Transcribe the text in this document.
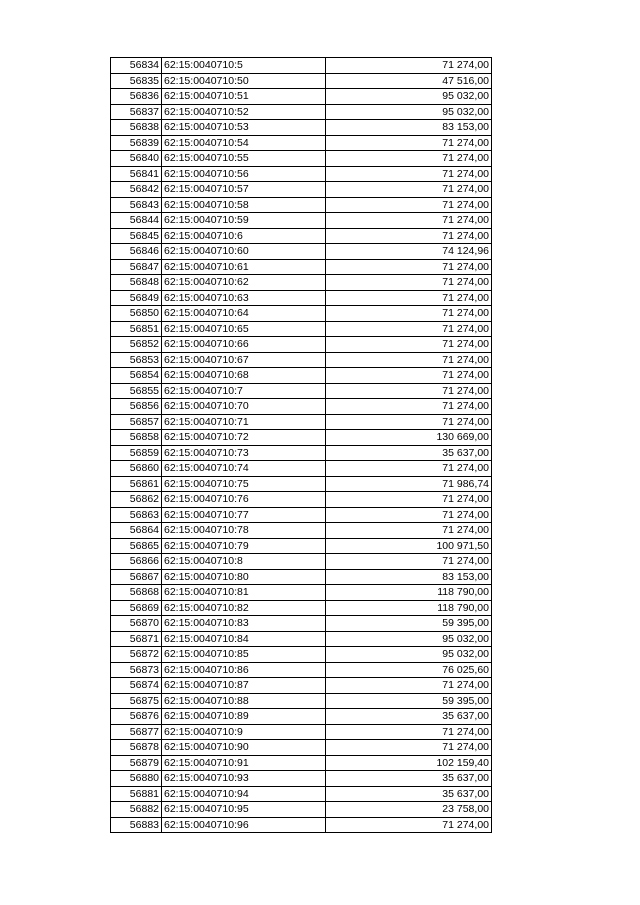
56834	62:15:0040710:5	71 274,00
56835	62:15:0040710:50	47 516,00
56836	62:15:0040710:51	95 032,00
56837	62:15:0040710:52	95 032,00
56838	62:15:0040710:53	83 153,00
56839	62:15:0040710:54	71 274,00
56840	62:15:0040710:55	71 274,00
56841	62:15:0040710:56	71 274,00
56842	62:15:0040710:57	71 274,00
56843	62:15:0040710:58	71 274,00
56844	62:15:0040710:59	71 274,00
56845	62:15:0040710:6	71 274,00
56846	62:15:0040710:60	74 124,96
56847	62:15:0040710:61	71 274,00
56848	62:15:0040710:62	71 274,00
56849	62:15:0040710:63	71 274,00
56850	62:15:0040710:64	71 274,00
56851	62:15:0040710:65	71 274,00
56852	62:15:0040710:66	71 274,00
56853	62:15:0040710:67	71 274,00
56854	62:15:0040710:68	71 274,00
56855	62:15:0040710:7	71 274,00
56856	62:15:0040710:70	71 274,00
56857	62:15:0040710:71	71 274,00
56858	62:15:0040710:72	130 669,00
56859	62:15:0040710:73	35 637,00
56860	62:15:0040710:74	71 274,00
56861	62:15:0040710:75	71 986,74
56862	62:15:0040710:76	71 274,00
56863	62:15:0040710:77	71 274,00
56864	62:15:0040710:78	71 274,00
56865	62:15:0040710:79	100 971,50
56866	62:15:0040710:8	71 274,00
56867	62:15:0040710:80	83 153,00
56868	62:15:0040710:81	118 790,00
56869	62:15:0040710:82	118 790,00
56870	62:15:0040710:83	59 395,00
56871	62:15:0040710:84	95 032,00
56872	62:15:0040710:85	95 032,00
56873	62:15:0040710:86	76 025,60
56874	62:15:0040710:87	71 274,00
56875	62:15:0040710:88	59 395,00
56876	62:15:0040710:89	35 637,00
56877	62:15:0040710:9	71 274,00
56878	62:15:0040710:90	71 274,00
56879	62:15:0040710:91	102 159,40
56880	62:15:0040710:93	35 637,00
56881	62:15:0040710:94	35 637,00
56882	62:15:0040710:95	23 758,00
56883	62:15:0040710:96	71 274,00
